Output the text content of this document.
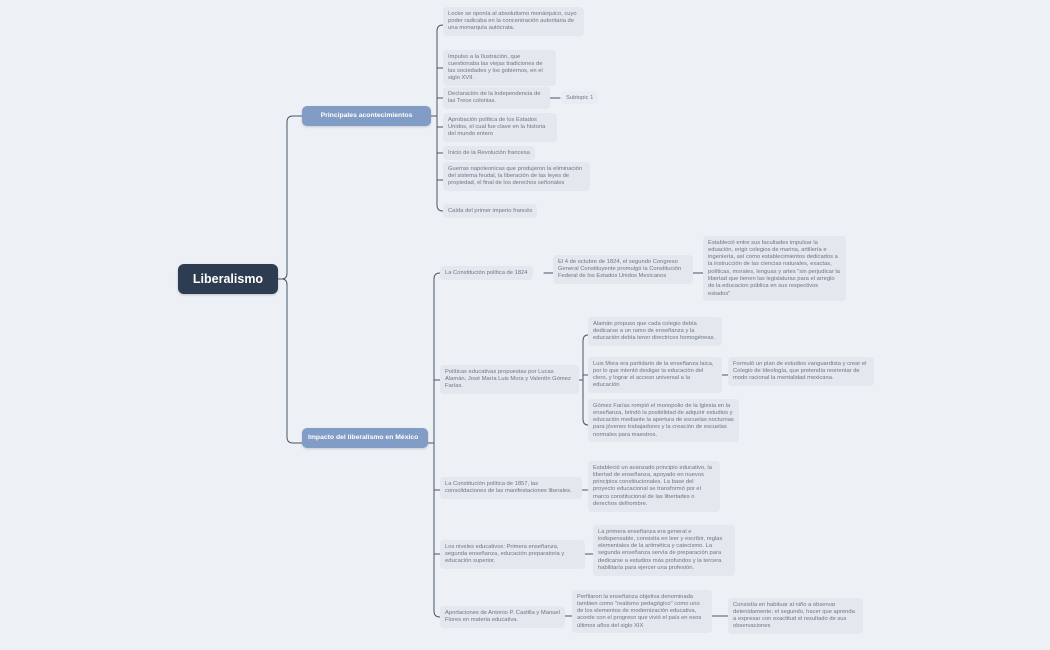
Liberalismo
Principales acontecimientos
Locke se oponía al absolutismo monárquico, cuyo poder radicaba en la concentración autoritaria de una monarquía autócrata.
Impulso a la Ilustración, que cuestionaba las viejas tradiciones de las sociedades y los gobiernos, en el siglo XVII.
Declaración de la Independencia de las Trece colonias.
Subtopic 1
Aprobación política de los Estados Unidos, el cual fue clave en la historia del mundo entero
Inicio de la Revolución francesa
Guerras napoleonicas que produjeron la eliminación del sistema feudal, la liberación de las leyes de propiedad, el final de los derechos señoriales
Caída del primer imperio francés
Impacto del liberalismo en México
La Constitución política de 1824
El 4 de octubre de 1824, el segundo Congreso General Constituyente promulgó la Constitución Federal de los Estados Unidos Mexicanos
Estableció entre sus facultades impulsar la eduación, erigir colegios de marina, artillería e ingeniería, así como establecimientos dedicados a la instrucción de las ciencias naturales, exactas, políticas, morales, lenguas y artes "sin perjudicar la libertad que tienen las legislaturas para el arreglo de la educacion pública en sus respectivos estados"
Políticas educativas propuestas por Lucas Alamán, José María Luis Mora y Valentín Gómez Farías.
Alamán propuso que cada colegio debía dedicarse a un ramo de enseñanza y la educación debía tener directrices homogéneas.
Luis Mora era partidario de la enseñanza laica, por lo que intentó desligar la educación del clero, y lograr el acceso universal a la educación
Formuló un plan de estudios vanguardista y crear el Colegio de Ideología, que pretendía reorientar de modo racional la mentalidad mexicana.
Gómez Farías rompió el monopolio de la Iglesia en la enseñanza, brindó la posibilidad de adquirir estudios y educación mediante la apertura de escuelas nocturnas para jóvenes trabajadores y la creación de escuelas normales para maestros.
La Constitución política de 1857, las consolidaciones de las manifestaciones liberales.
Estableció un avanzado principio educativo, la libertad de enseñanza, apoyado en nuevos principios constitucionales. La base del proyecto educacional se transformó por el marco constitucional de las libertades o derechos delhombre.
Los niveles educativos: Primera enseñanza, segunda enseñanza, educación preparatoria y educación superior.
La primera enseñanza era general e indispensable, consistía en leer y escribir, reglas elementales de la aritmética y catecismo. La segunda enseñanza servía de preparación para dedicarse a estudios más profundos y la tercera habilitaría para ejercer una profesión.
Aportaciones de Antonio P. Castilla y Manuel Flores en materia educativa.
Perfilaron la enseñanza objetiva denominada tambien como "realismo pedagógico" como uno de los elementos de modernización educativa, acorde con el progreso que vivió el país en esos últimos años del siglo XIX
Consistía en habituar al niño a observar detenidamente; el segundo, hacer que aprenda a expresar con exactitud el resultado de sus observaciones
